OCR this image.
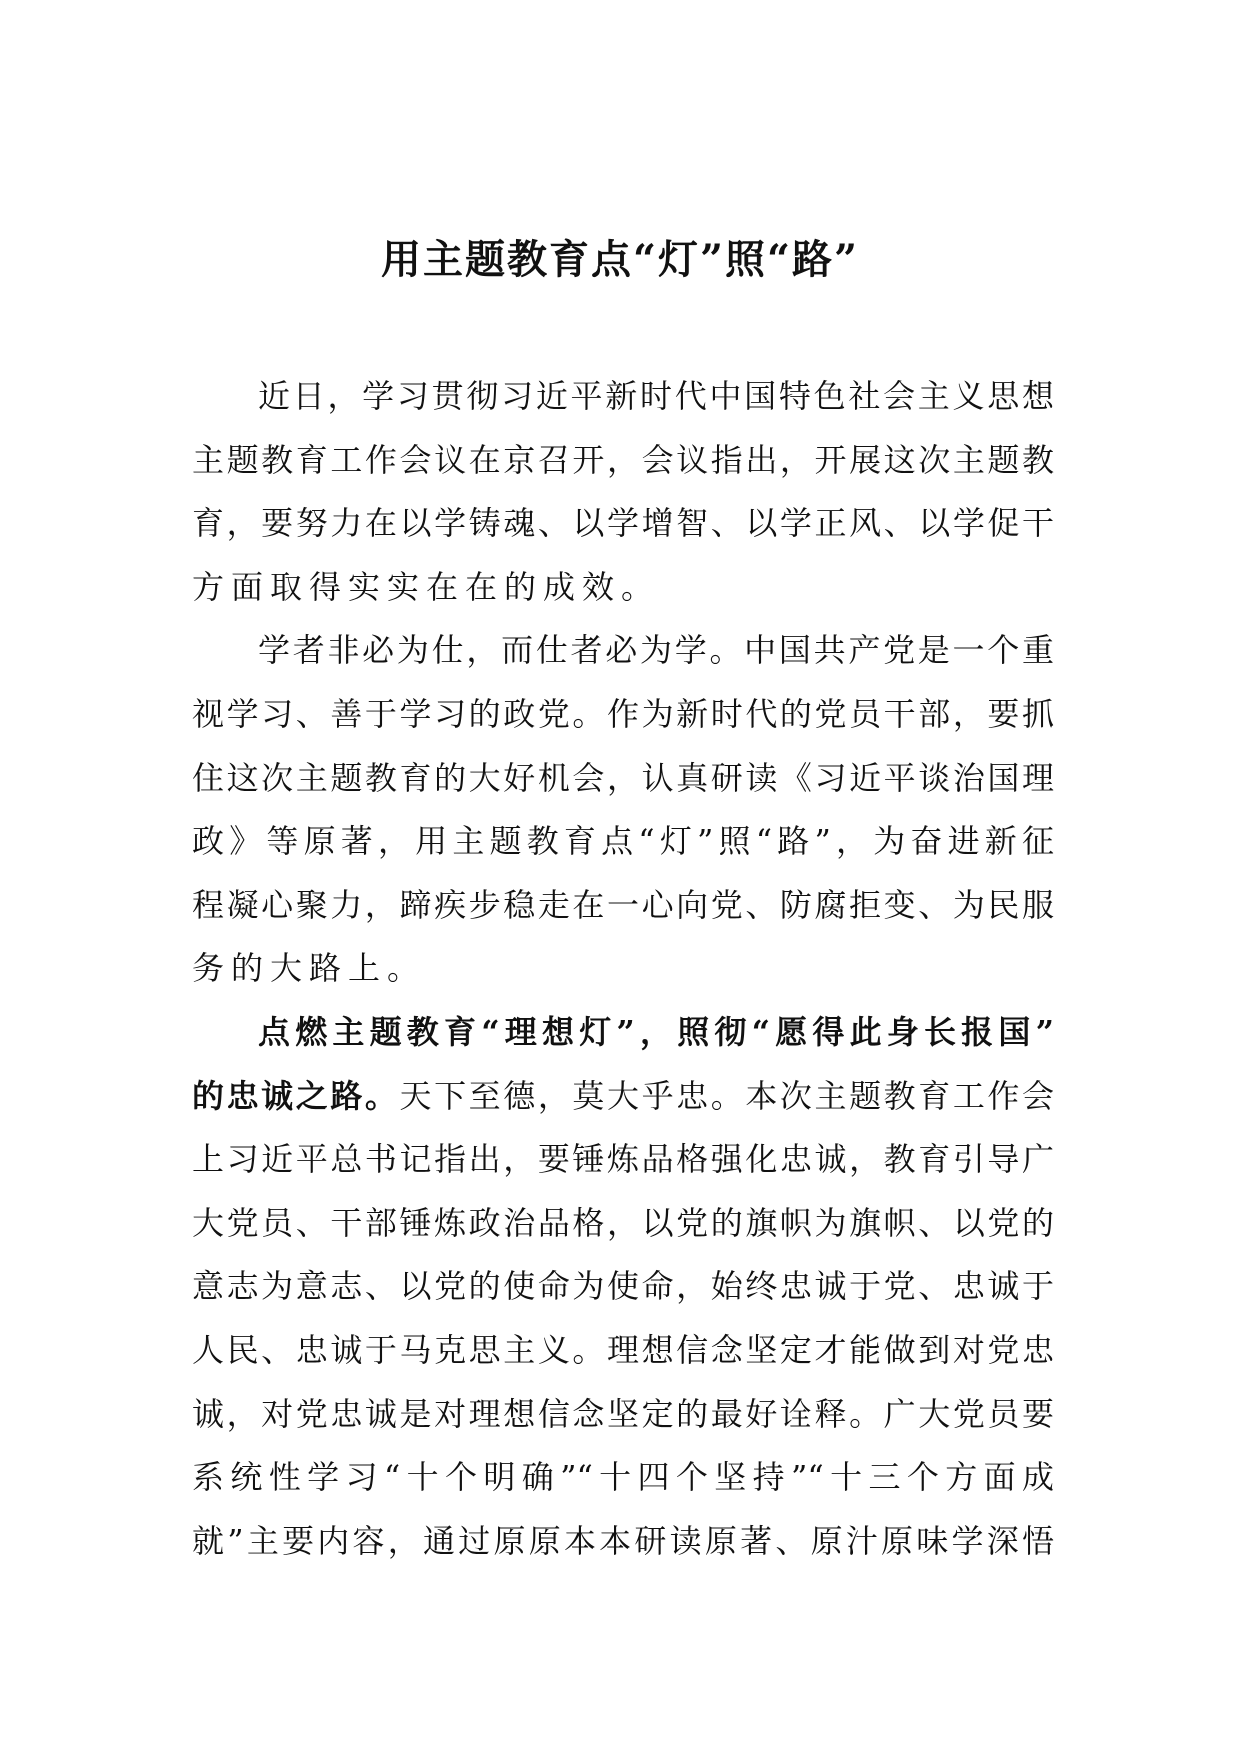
用主题教育点“灯”照“路”
近日，学习贯彻习近平新时代中国特色社会主义思想
主题教育工作会议在京召开，会议指出，开展这次主题教
育，要努力在以学铸魂、以学增智、以学正风、以学促干
方面取得实实在在的成效。
学者非必为仕，而仕者必为学。中国共产党是一个重
视学习、善于学习的政党。作为新时代的党员干部，要抓
住这次主题教育的大好机会，认真研读《习近平谈治国理
政》等原著，用主题教育点“灯”照“路”，为奋进新征
程凝心聚力，蹄疾步稳走在一心向党、防腐拒变、为民服
务的大路上。
点燃主题教育“理想灯”，照彻“愿得此身长报国”
的忠诚之路。天下至德，莫大乎忠。本次主题教育工作会
上习近平总书记指出，要锤炼品格强化忠诚，教育引导广
大党员、干部锤炼政治品格，以党的旗帜为旗帜、以党的
意志为意志、以党的使命为使命，始终忠诚于党、忠诚于
人民、忠诚于马克思主义。理想信念坚定才能做到对党忠
诚，对党忠诚是对理想信念坚定的最好诠释。广大党员要
系统性学习“十个明确”“十四个坚持”“十三个方面成
就”主要内容，通过原原本本研读原著、原汁原味学深悟
